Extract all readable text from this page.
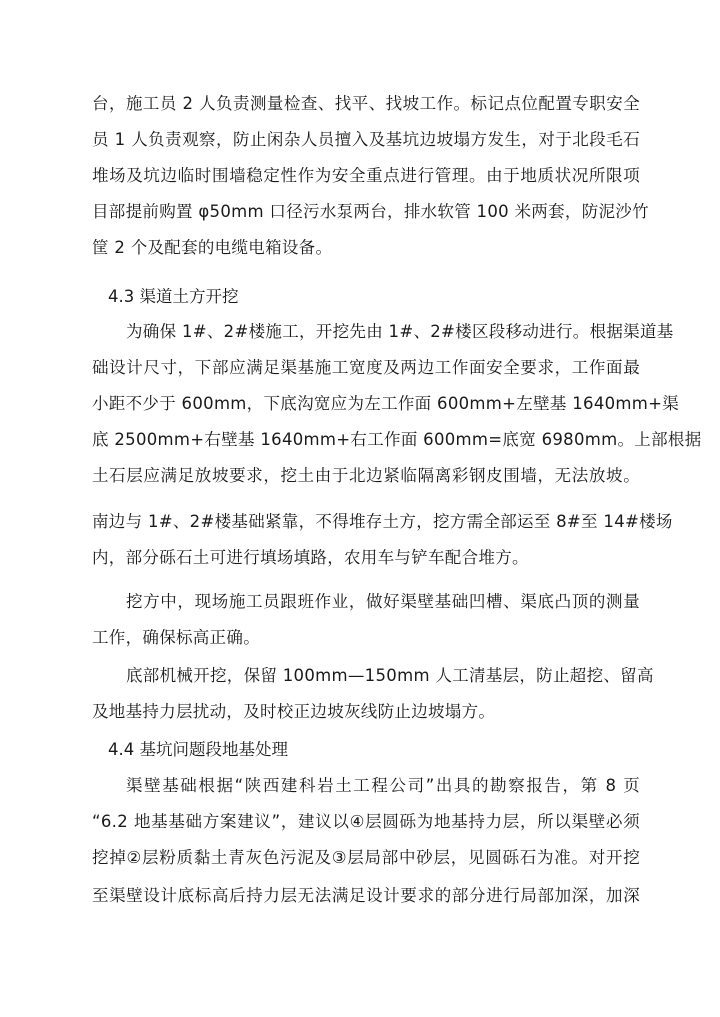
台，施工员 2 人负责测量检查、找平、找坡工作。标记点位配置专职安全
员 1 人负责观察，防止闲杂人员擅入及基坑边坡塌方发生，对于北段毛石
堆场及坑边临时围墙稳定性作为安全重点进行管理。由于地质状况所限项
目部提前购置 φ50mm 口径污水泵两台，排水软管 100 米两套，防泥沙竹
筐 2 个及配套的电缆电箱设备。
4.3 渠道土方开挖
为确保 1#、2#楼施工，开挖先由 1#、2#楼区段移动进行。根据渠道基
础设计尺寸，下部应满足渠基施工宽度及两边工作面安全要求，工作面最
小距不少于 600mm，下底沟宽应为左工作面 600mm+左壁基 1640mm+渠
底 2500mm+右壁基 1640mm+右工作面 600mm=底宽 6980mm。上部根据
土石层应满足放坡要求，挖土由于北边紧临隔离彩钢皮围墙，无法放坡。
南边与 1#、2#楼基础紧靠，不得堆存土方，挖方需全部运至 8#至 14#楼场
内，部分砾石土可进行填场填路，农用车与铲车配合堆方。
挖方中，现场施工员跟班作业，做好渠壁基础凹槽、渠底凸顶的测量
工作，确保标高正确。
底部机械开挖，保留 100mm—150mm 人工清基层，防止超挖、留高
及地基持力层扰动，及时校正边坡灰线防止边坡塌方。
4.4 基坑问题段地基处理
渠壁基础根据“陕西建科岩土工程公司”出具的勘察报告，第 8 页
“6.2 地基基础方案建议”，建议以④层圆砾为地基持力层，所以渠壁必须
挖掉②层粉质黏土青灰色污泥及③层局部中砂层，见圆砾石为准。对开挖
至渠壁设计底标高后持力层无法满足设计要求的部分进行局部加深，加深
